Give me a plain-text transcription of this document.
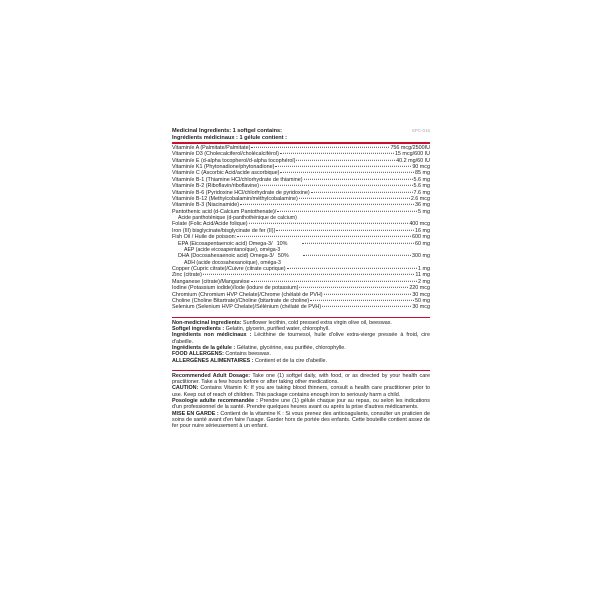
SPC-015
Medicinal Ingredients: 1 softgel contains:
Ingrédients médicinaux : 1 gélule contient :
Vitamin/e A (Palmitate/Palmitate)	756 mcg/2500IU
Vitamin/e D3 (Cholecalciferol/cholécalciférol)	15 mcg/600 IU
Vitamin/e E (d-alpha tocopherol/d-alpha tocophérol)	40.2 mg/60 IU
Vitamin/e K1 (Phytonadione/phytonadione)	90 mcg
Vitamin/e C (Ascorbic Acid/acide ascorbique)	85 mg
Vitamin/e B-1 (Thiamine HCl/chlorhydrate de thiamine)	5.6 mg
Vitamin/e B-2 (Riboflavin/riboflavine)	5.6 mg
Vitamin/e B-6 (Pyridoxine HCl/chlorhydrate de pyridoxine)	7.6 mg
Vitamin/e B-12 (Methylcobalamin/méthylcobalamine)	2.6 mcg
Vitamin/e B-3 (Niacinamide)	36 mg
Pantothenic acid (d-Calcium Pantothenate)/	5 mg
Acide panthoténique (d-panthothénique de calcium)
Folate (Folic Acid/Acide folique)	400 mcg
Iron (III) bisglycinate/bisglycinate de fer (II))	16 mg
Fish Oil / Huile de poisson:	600 mg
EPA (Eicosapentaenoic acid) Omega-3/ 10%	60 mg
AEP (acide eicosapentanoïque), oméga-3
DHA (Docosahexaenoic acid) Omega-3/ 50%	300 mg
ADH (acide docosahexanoïque), oméga-3
Copper (Cupric citrate)/Cuivre (citrate cuprique)	1 mg
Zinc (citrate)	11 mg
Manganese (citrate)/Manganèse	2 mg
Iodine (Potassium iodide)/Iode (iodure de potassium)	220 mcg
Chromium (Chromium HVP Chelate)/Chrome (chélaté de PVH)	30 mcg
Choline (Choline Bitartrate)/Choline (bitartrate de choline)	50 mg
Selenium (Selenium HVP Chelate)/Sélénium (chélaté de PVH)	30 mcg
Non-medicinal ingredients: Sunflower lecithin, cold pressed extra virgin olive oil, beeswax.
Softgel ingredients : Gelatin, glycerin, purified water, chlorophyll.
Ingrédients non médicinaux : Lécithine de tournesol, huile d'olive extra-vierge pressée à froid, cire d'abeille.
Ingrédients de la gélule : Gélatine, glycérine, eau purifiée, chlorophylle.
FOOD ALLERGENS: Contains beeswax.
ALLERGÈNES ALIMENTAIRES : Contient et de la cire d'abeille.
Recommended Adult Dosage: Take one (1) softgel daily, with food, or as directed by your health care practitioner. Take a few hours before or after taking other medications.
CAUTION: Contains Vitamin K: If you are taking blood thinners, consult a health care practitioner prior to use. Keep out of reach of children. This package contains enough iron to seriously harm a child.
Posologie adulte recommandée : Prendre une (1) gélule chaque jour au repas, ou selon les indications d'un professionnel de la santé. Prendre quelques heures avant ou après la prise d'autres médicaments.
MISE EN GARDE : Contient de la vitamine K : Si vous prenez des anticoagulants, consulter un praticien de soins de santé avant d'en faire l'usage. Garder hors de portée des enfants. Cette bouteille contient assez de fer pour nuire sérieusement à un enfant.
